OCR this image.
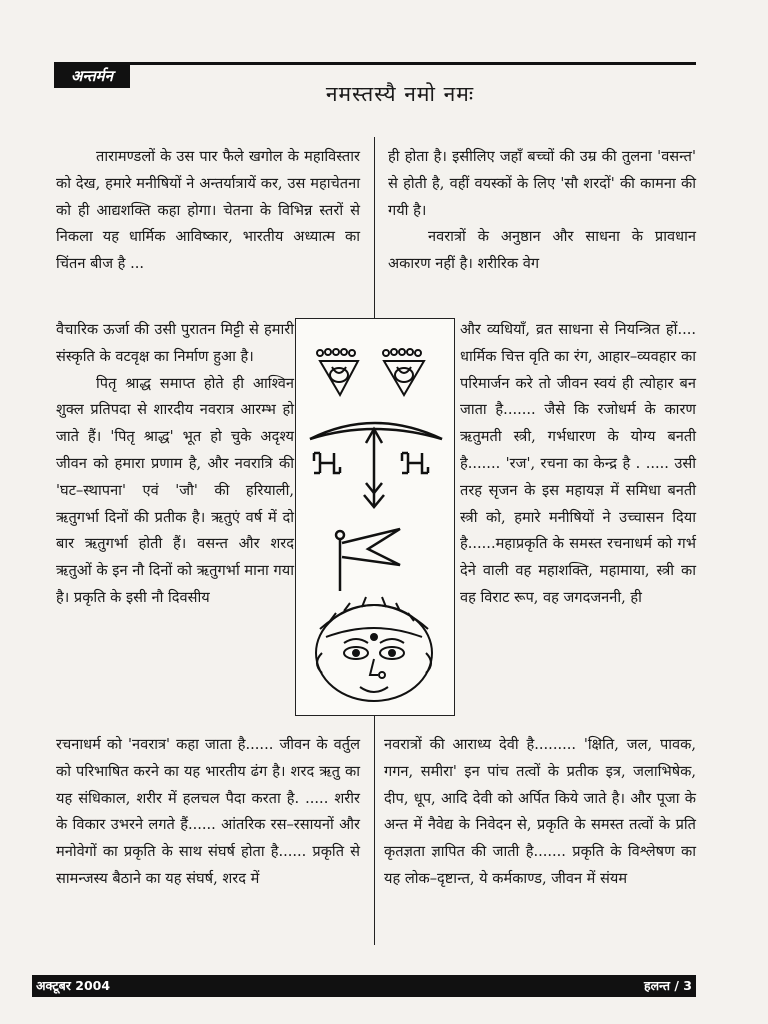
अन्तर्मन
नमस्तस्यै नमो नमः

तारामण्डलों के उस पार फैले खगोल के महाविस्तार को देख, हमारे मनीषियों ने अन्तर्यात्रायें कर, उस महाचेतना को ही आद्यशक्ति कहा होगा। चेतना के विभिन्न स्तरों से निकला यह धार्मिक आविष्कार, भारतीय अध्यात्म का चिंतन बीज है ...

वैचारिक ऊर्जा की उसी पुरातन मिट्टी से हमारी संस्कृति के वटवृक्ष का निर्माण हुआ है।

पितृ श्राद्ध समाप्त होते ही आश्विन शुक्ल प्रतिपदा से शारदीय नवरात्र आरम्भ हो जाते हैं। 'पितृ श्राद्ध' भूत हो चुके अदृश्य जीवन को हमारा प्रणाम है, और नवरात्रि की 'घट–स्थापना' एवं 'जौ' की हरियाली, ऋतुगर्भा दिनों की प्रतीक है। ऋतुएं वर्ष में दो बार ऋतुगर्भा होती हैं। वसन्त और शरद ऋतुओं के इन नौ दिनों को ऋतुगर्भा माना गया है। प्रकृति के इसी नौ दिवसीय

रचनाधर्म को 'नवरात्र' कहा जाता है...... जीवन के वर्तुल को परिभाषित करने का यह भारतीय ढंग है। शरद ऋतु का यह संधिकाल, शरीर में हलचल पैदा करता है. ..... शरीर के विकार उभरने लगते हैं...... आंतरिक रस–रसायनों और मनोवेगों का प्रकृति के साथ संघर्ष होता है...... प्रकृति से सामन्जस्य बैठाने का यह संघर्ष, शरद में

ही होता है। इसीलिए जहाँ बच्चों की उम्र की तुलना 'वसन्त' से होती है, वहीं वयस्कों के लिए 'सौ शरदों' की कामना की गयी है।

नवरात्रों के अनुष्ठान और साधना के प्रावधान अकारण नहीं है। शरीरिक वेग

और व्यधियाँ, व्रत साधना से नियन्त्रित हों.... धार्मिक चित्त वृति का रंग, आहार–व्यवहार का परिमार्जन करे तो जीवन स्वयं ही त्योहार बन जाता है....... जैसे कि रजोधर्म के कारण ऋतुमती स्त्री, गर्भधारण के योग्य बनती है....... 'रज', रचना का केन्द्र है . ..... उसी तरह सृजन के इस महायज्ञ में समिधा बनती स्त्री को, हमारे मनीषियों ने उच्चासन दिया है......महाप्रकृति के समस्त रचनाधर्म को गर्भ देने वाली वह महाशक्ति, महामाया, स्त्री का वह विराट रूप, वह जगदजननी, ही

नवरात्रों की आराध्य देवी है......... 'क्षिति, जल, पावक, गगन, समीरा' इन पांच तत्वों के प्रतीक इत्र, जलाभिषेक, दीप, धूप, आदि देवी को अर्पित किये जाते है। और पूजा के अन्त में नैवेद्य के निवेदन से, प्रकृति के समस्त तत्वों के प्रति कृतज्ञता ज्ञापित की जाती है....... प्रकृति के विश्लेषण का यह लोक–दृष्टान्त, ये कर्मकाण्ड, जीवन में संयम

अक्टूबर 2004	हलन्त / 3
